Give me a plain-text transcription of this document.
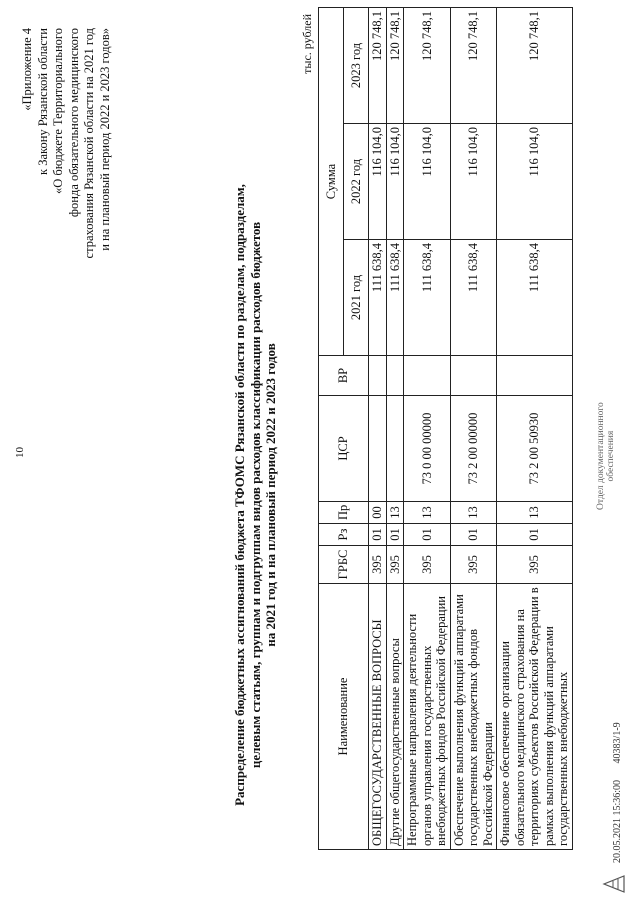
10
«Приложение 4 к Закону Рязанской области «О бюджете Территориального фонда обязательного медицинского страхования Рязанской области на 2021 год и на плановый период 2022 и 2023 годов»
Распределение бюджетных ассигнований бюджета ТФОМС Рязанской области по разделам, подразделам, целевым статьям, группам и подгруппам видов расходов классификации расходов бюджетов на 2021 год и на плановый период 2022 и 2023 годов
тыс. рублей
Наименование	ГРБС	Рз	Пр	ЦСР	ВР	Сумма		
						2021 год	2022 год	2023 год
ОБЩЕГОСУДАРСТВЕННЫЕ ВОПРОСЫ	395	01	00			111 638,4	116 104,0	120 748,1
Другие общегосударственные вопросы	395	01	13			111 638,4	116 104,0	120 748,1
Непрограммные направления деятельности органов управления государственных внебюджетных фондов Российской Федерации	395	01	13	73 0 00 00000		111 638,4	116 104,0	120 748,1
Обеспечение выполнения функций аппаратами государственных внебюджетных фондов Российской Федерации	395	01	13	73 2 00 00000		111 638,4	116 104,0	120 748,1
Финансовое обеспечение организации обязательного медицинского страхования на территориях субъектов Российской Федерации в рамках выполнения функций аппаратами государственных внебюджетных	395	01	13	73 2 00 50930		111 638,4	116 104,0	120 748,1
20.05.2021 15:36:00 40383/1-9
Отдел документационного обеспечения
